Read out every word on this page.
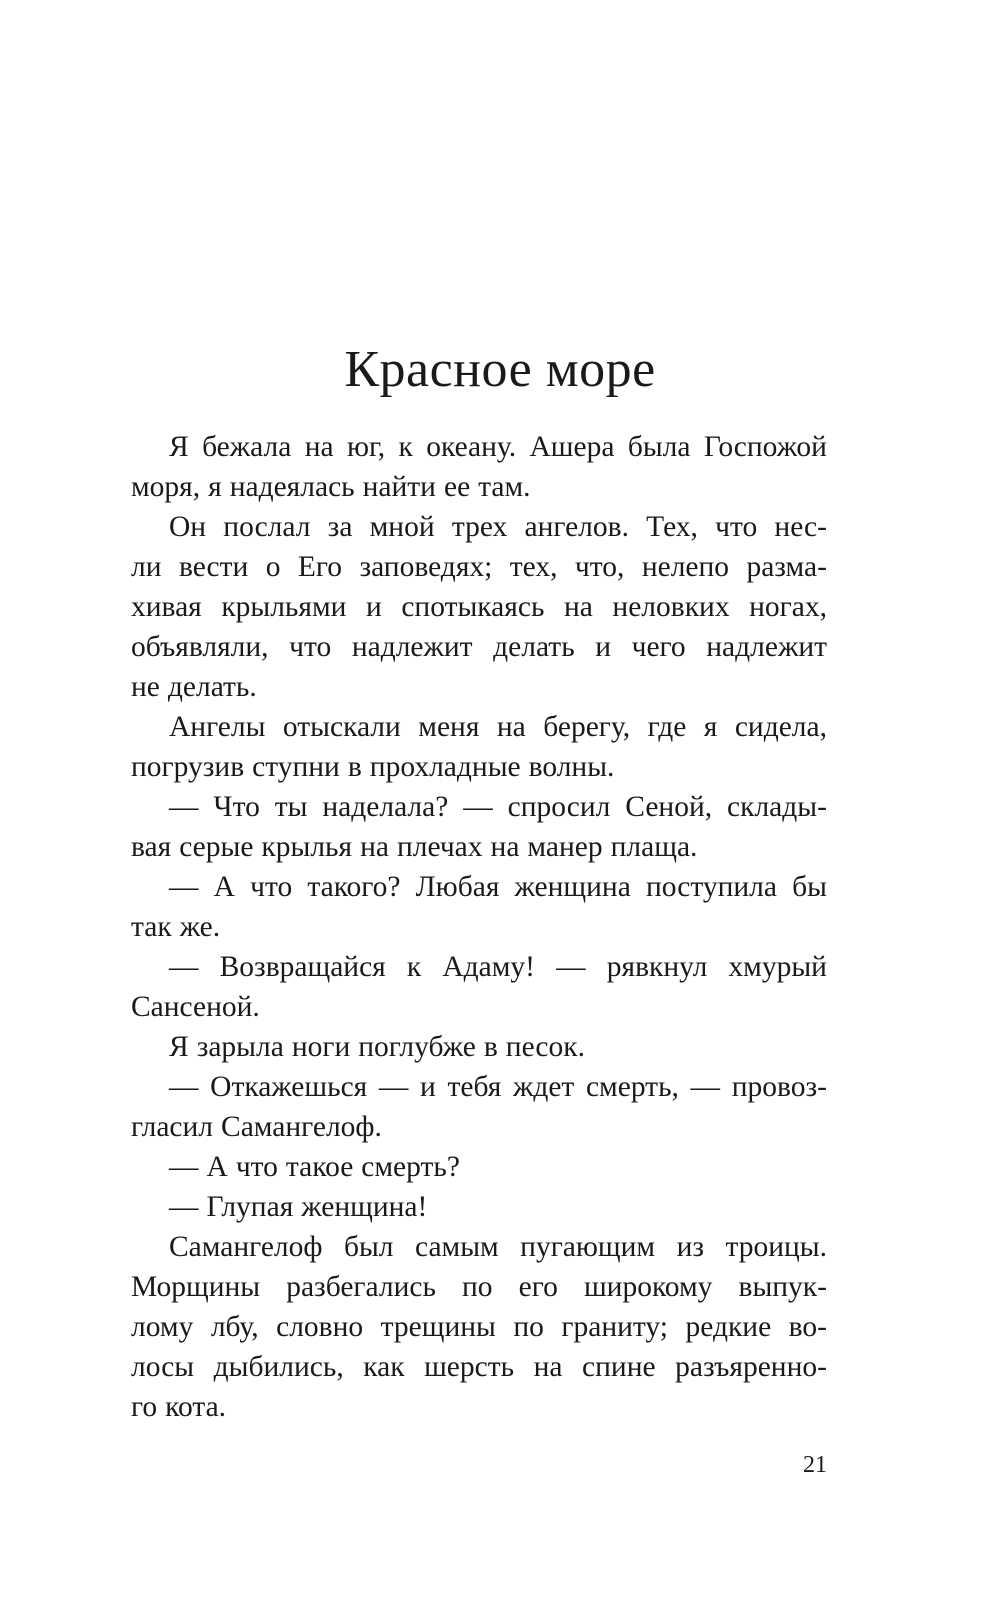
Красное море
Я бежала на юг, к океану. Ашера была Госпожой
моря, я надеялась найти ее там.
Он послал за мной трех ангелов. Тех, что нес-
ли вести о Его заповедях; тех, что, нелепо разма-
хивая крыльями и спотыкаясь на неловких ногах,
объявляли, что надлежит делать и чего надлежит
не делать.
Ангелы отыскали меня на берегу, где я сидела,
погрузив ступни в прохладные волны.
— Что ты наделала? — спросил Сеной, склады-
вая серые крылья на плечах на манер плаща.
— А что такого? Любая женщина поступила бы
так же.
— Возвращайся к Адаму! — рявкнул хмурый
Сансеной.
Я зарыла ноги поглубже в песок.
— Откажешься — и тебя ждет смерть, — провоз-
гласил Самангелоф.
— А что такое смерть?
— Глупая женщина!
Самангелоф был самым пугающим из троицы.
Морщины разбегались по его широкому выпук-
лому лбу, словно трещины по граниту; редкие во-
лосы дыбились, как шерсть на спине разъяренно-
го кота.
21
